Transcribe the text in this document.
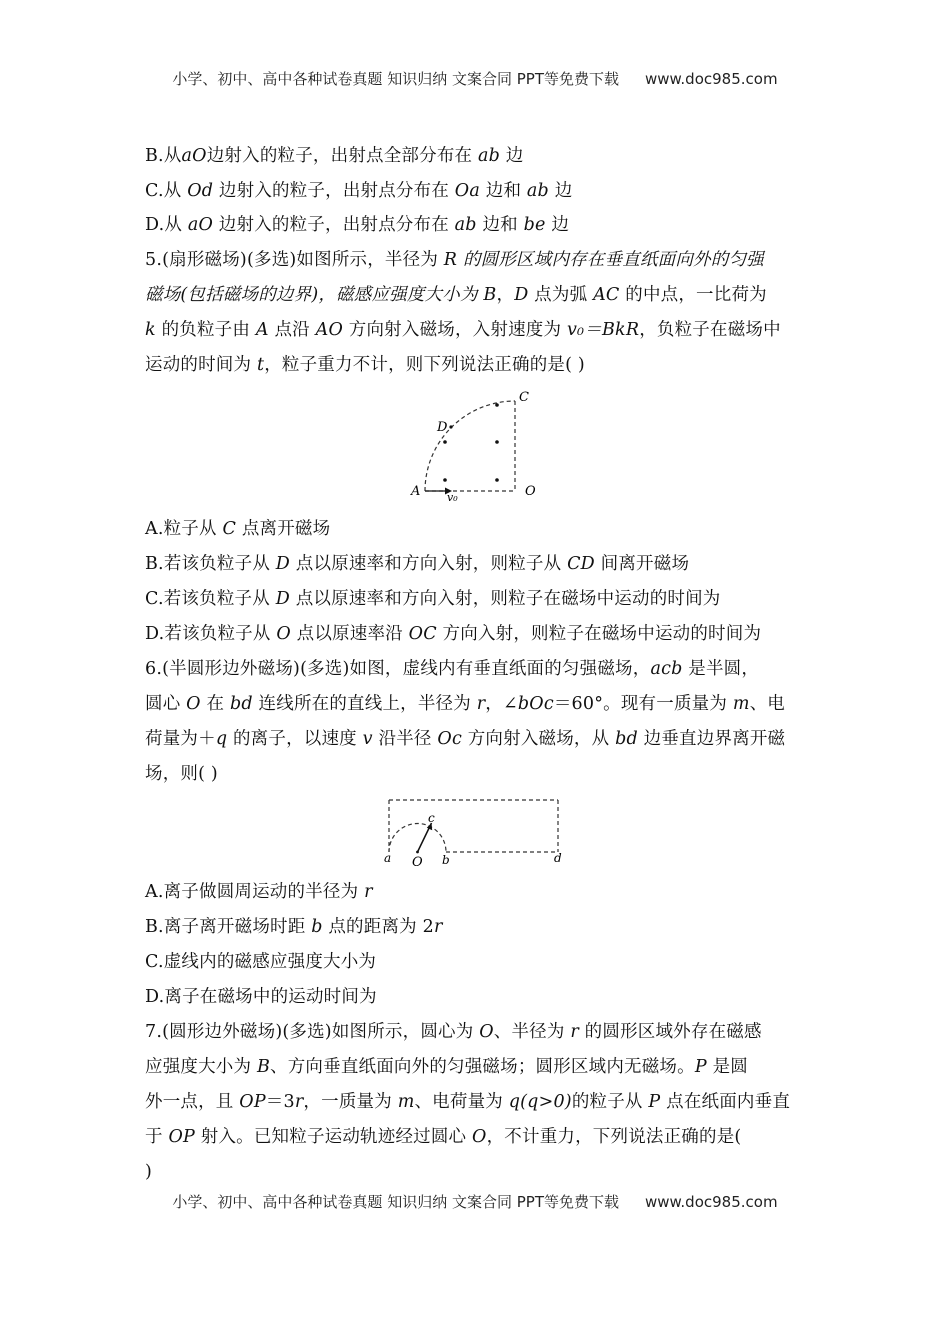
小学、初中、高中各种试卷真题 知识归纳 文案合同 PPT等免费下载 www.doc985.com
B.从aO边射入的粒子，出射点全部分布在 ab 边
C.从 Od 边射入的粒子，出射点分布在 Oa 边和 ab 边
D.从 aO 边射入的粒子，出射点分布在 ab 边和 be 边
5.(扇形磁场)(多选)如图所示，半径为 R 的圆形区域内存在垂直纸面向外的匀强
磁场(包括磁场的边界)，磁感应强度大小为 B，D 点为弧 AC 的中点，一比荷为
k 的负粒子由 A 点沿 AO 方向射入磁场，入射速度为 v₀＝BkR，负粒子在磁场中
运动的时间为 t，粒子重力不计，则下列说法正确的是( )
A	O
C
D
v₀
A.粒子从 C 点离开磁场
B.若该负粒子从 D 点以原速率和方向入射，则粒子从 CD 间离开磁场
C.若该负粒子从 D 点以原速率和方向入射，则粒子在磁场中运动的时间为
D.若该负粒子从 O 点以原速率沿 OC 方向入射，则粒子在磁场中运动的时间为
6.(半圆形边外磁场)(多选)如图，虚线内有垂直纸面的匀强磁场，acb 是半圆，
圆心 O 在 bd 连线所在的直线上，半径为 r，∠bOc＝60°。现有一质量为 m、电
荷量为＋q 的离子，以速度 v 沿半径 Oc 方向射入磁场，从 bd 边垂直边界离开磁
场，则( )
a O b
c
d
A.离子做圆周运动的半径为 r
B.离子离开磁场时距 b 点的距离为 2r
C.虚线内的磁感应强度大小为
D.离子在磁场中的运动时间为
7.(圆形边外磁场)(多选)如图所示，圆心为 O、半径为 r 的圆形区域外存在磁感
应强度大小为 B、方向垂直纸面向外的匀强磁场；圆形区域内无磁场。P 是圆
外一点，且 OP＝3r，一质量为 m、电荷量为 q(q>0)的粒子从 P 点在纸面内垂直
于 OP 射入。已知粒子运动轨迹经过圆心 O，不计重力，下列说法正确的是(
)
小学、初中、高中各种试卷真题 知识归纳 文案合同 PPT等免费下载 www.doc985.com
